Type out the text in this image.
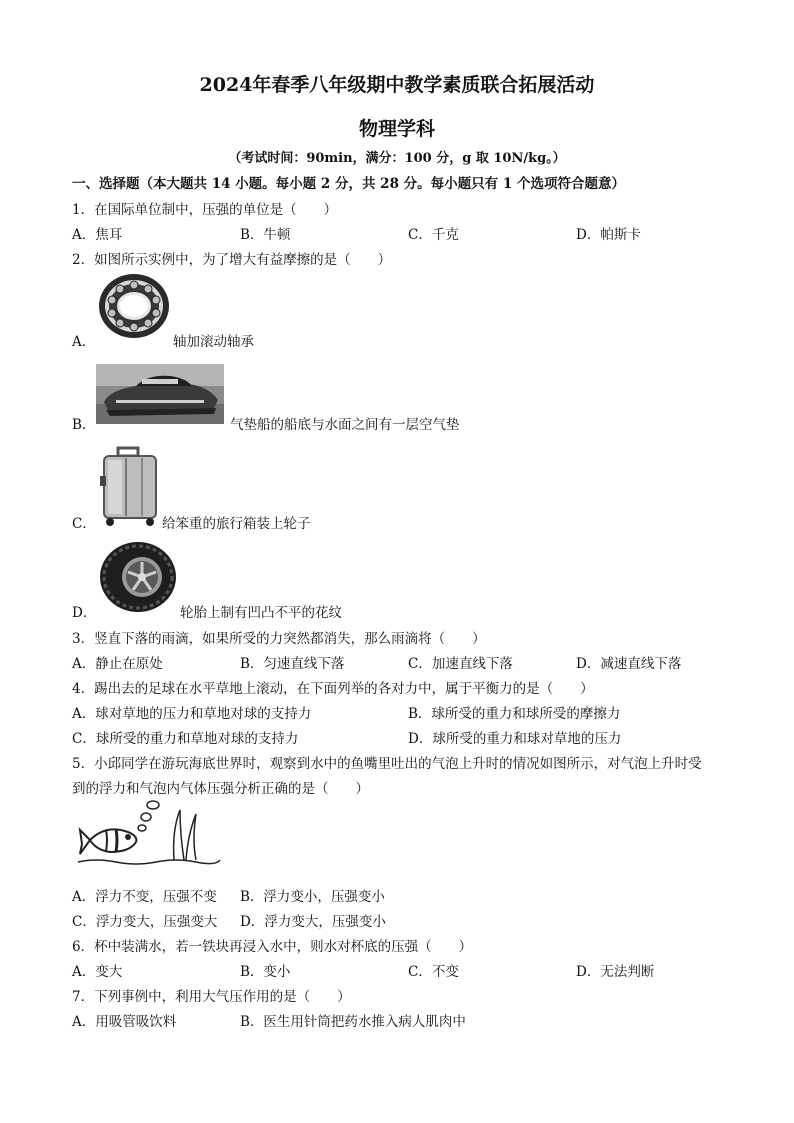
2024年春季八年级期中教学素质联合拓展活动
物理学科
（考试时间：90min，满分：100 分，g 取 10N/kg。）
一、选择题（本大题共 14 小题。每小题 2 分，共 28 分。每小题只有 1 个选项符合题意）
1．在国际单位制中，压强的单位是（　　）
A．焦耳	B．牛顿	C．千克	D．帕斯卡
2．如图所示实例中，为了增大有益摩擦的是（　　）
A．	轴加滚动轴承
B．	气垫船的船底与水面之间有一层空气垫
C．	给笨重的旅行箱装上轮子
D．	轮胎上制有凹凸不平的花纹
3．竖直下落的雨滴，如果所受的力突然都消失，那么雨滴将（　　）
A．静止在原处	B．匀速直线下落	C．加速直线下落	D．减速直线下落
4．踢出去的足球在水平草地上滚动，在下面列举的各对力中，属于平衡力的是（　　）
A．球对草地的压力和草地对球的支持力	B．球所受的重力和球所受的摩擦力
C．球所受的重力和草地对球的支持力	D．球所受的重力和球对草地的压力
5．小邱同学在游玩海底世界时，观察到水中的鱼嘴里吐出的气泡上升时的情况如图所示，对气泡上升时受
到的浮力和气泡内气体压强分析正确的是（　　）
A．浮力不变，压强不变 B．浮力变小，压强变小
C．浮力变大，压强变大 D．浮力变大，压强变小
6．杯中装满水，若一铁块再浸入水中，则水对杯底的压强（　　）
A．变大	B．变小	C．不变	D．无法判断
7．下列事例中，利用大气压作用的是（　　）
A．用吸管吸饮料	B．医生用针筒把药水推入病人肌肉中
